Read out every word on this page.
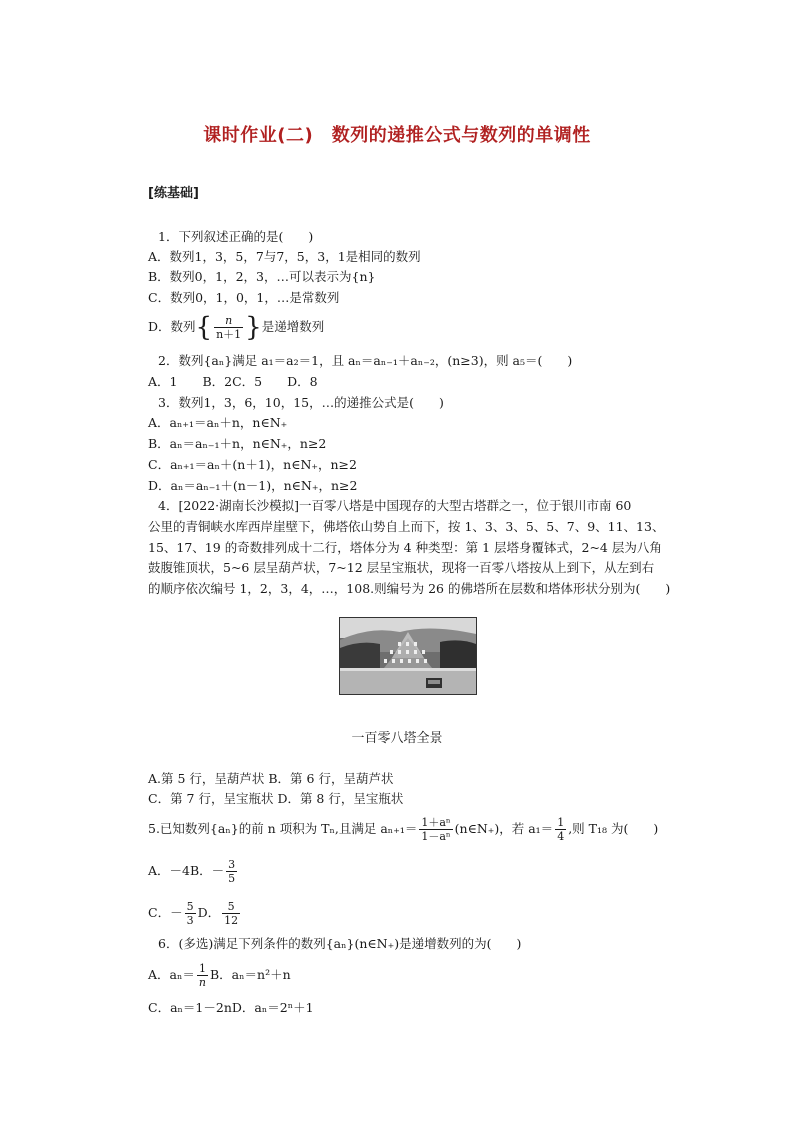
课时作业(二)　数列的递推公式与数列的单调性
[练基础]
1．下列叙述正确的是(　　)
A．数列1，3，5，7与7，5，3，1是相同的数列
B．数列0，1，2，3，…可以表示为{n}
C．数列0，1，0，1，…是常数列
D．数列{ $\frac{n}{n+1}$ }是递增数列
2．数列{aₙ}满足 a₁＝a₂＝1，且 aₙ＝aₙ₋₁＋aₙ₋₂，(n≥3)，则 a₅＝(　　)
A．1　　B．2C．5　　D．8
3．数列1，3，6，10，15，…的递推公式是(　　)
A．aₙ₊₁＝aₙ＋n，n∈N₊
B．aₙ＝aₙ₋₁＋n，n∈N₊，n≥2
C．aₙ₊₁＝aₙ＋(n＋1)，n∈N₊，n≥2
D．aₙ＝aₙ₋₁＋(n－1)，n∈N₊，n≥2
4．[2022·湖南长沙模拟]一百零八塔是中国现存的大型古塔群之一，位于银川市南 60
公里的青铜峡水库西岸崖壁下，佛塔依山势自上而下，按 1、3、3、5、5、7、9、11、13、
15、17、19 的奇数排列成十二行，塔体分为 4 种类型：第 1 层塔身覆钵式，2~4 层为八角
鼓腹锥顶状，5~6 层呈葫芦状，7~12 层呈宝瓶状，现将一百零八塔按从上到下，从左到右
的顺序依次编号 1，2，3，4，…，108.则编号为 26 的佛塔所在层数和塔体形状分别为(　　)
一百零八塔全景
A.第 5 行，呈葫芦状 B．第 6 行，呈葫芦状
C．第 7 行，呈宝瓶状 D．第 8 行，呈宝瓶状
5.已知数列{aₙ}的前 n 项积为 Tₙ,且满足 $a_{n+1}= \frac{\text{1＋aⁿ}}{\text{1－aⁿ}}$ (n∈N₊)，若 $a_1= \frac{1}{4}$ ,则 T₁₈ 为(　　)
A．－4B．－ $\frac{3}{5}$
C．－ $\frac{5}{3}$ D． $\frac{5}{12}$
6．(多选)满足下列条件的数列{aₙ}(n∈N₊)是递增数列的为(　　)
A．$a_n= \frac{1}{n}$ B．aₙ＝n²＋n
C．aₙ＝1－2nD．aₙ＝2ⁿ＋1
